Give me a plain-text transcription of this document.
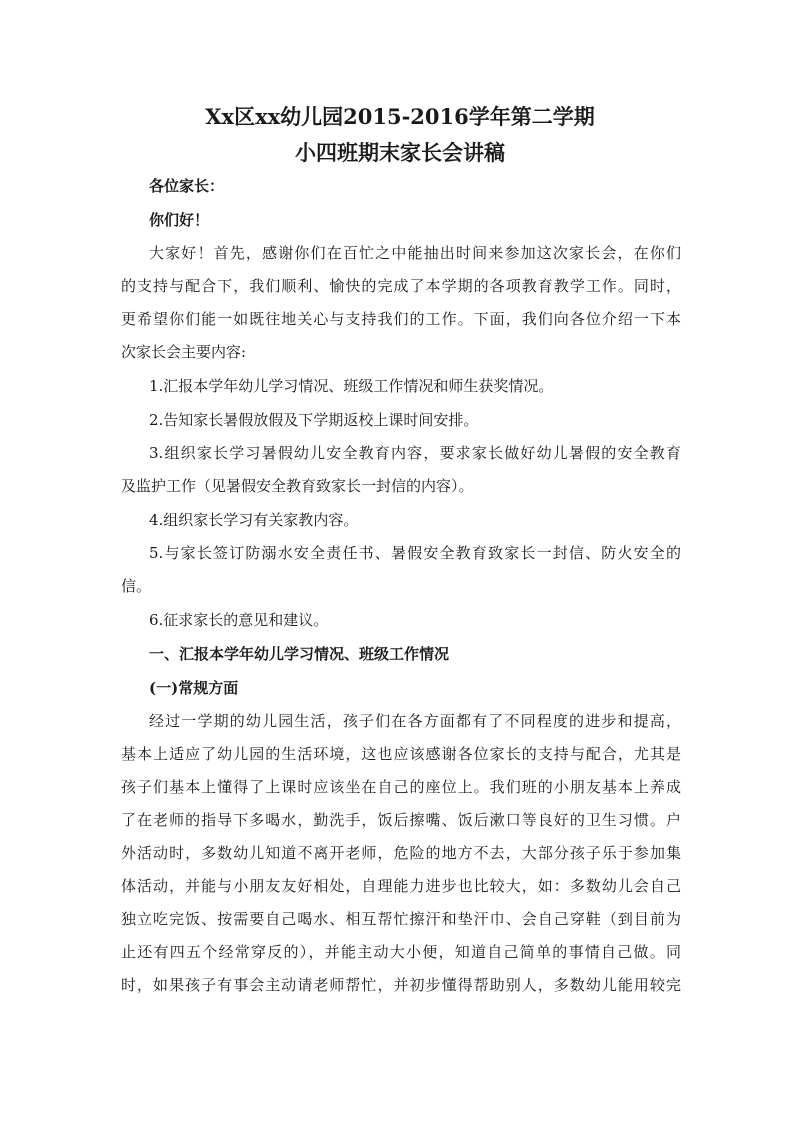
Xx区xx幼儿园2015-2016学年第二学期
小四班期末家长会讲稿
各位家长：
你们好！
大家好！首先，感谢你们在百忙之中能抽出时间来参加这次家长会，在你们
的支持与配合下，我们顺利、愉快的完成了本学期的各项教育教学工作。同时，
更希望你们能一如既往地关心与支持我们的工作。下面，我们向各位介绍一下本
次家长会主要内容:
1.汇报本学年幼儿学习情况、班级工作情况和师生获奖情况。
2.告知家长暑假放假及下学期返校上课时间安排。
3.组织家长学习暑假幼儿安全教育内容，要求家长做好幼儿暑假的安全教育
及监护工作（见暑假安全教育致家长一封信的内容）。
4.组织家长学习有关家教内容。
5.与家长签订防溺水安全责任书、暑假安全教育致家长一封信、防火安全的
信。
6.征求家长的意见和建议。
一、汇报本学年幼儿学习情况、班级工作情况
(一)常规方面
经过一学期的幼儿园生活，孩子们在各方面都有了不同程度的进步和提高，
基本上适应了幼儿园的生活环境，这也应该感谢各位家长的支持与配合，尤其是
孩子们基本上懂得了上课时应该坐在自己的座位上。我们班的小朋友基本上养成
了在老师的指导下多喝水，勤洗手，饭后擦嘴、饭后漱口等良好的卫生习惯。户
外活动时，多数幼儿知道不离开老师，危险的地方不去，大部分孩子乐于参加集
体活动，并能与小朋友友好相处，自理能力进步也比较大，如：多数幼儿会自己
独立吃完饭、按需要自己喝水、相互帮忙擦汗和垫汗巾、会自己穿鞋（到目前为
止还有四五个经常穿反的），并能主动大小便，知道自己简单的事情自己做。同
时，如果孩子有事会主动请老师帮忙，并初步懂得帮助别人，多数幼儿能用较完
